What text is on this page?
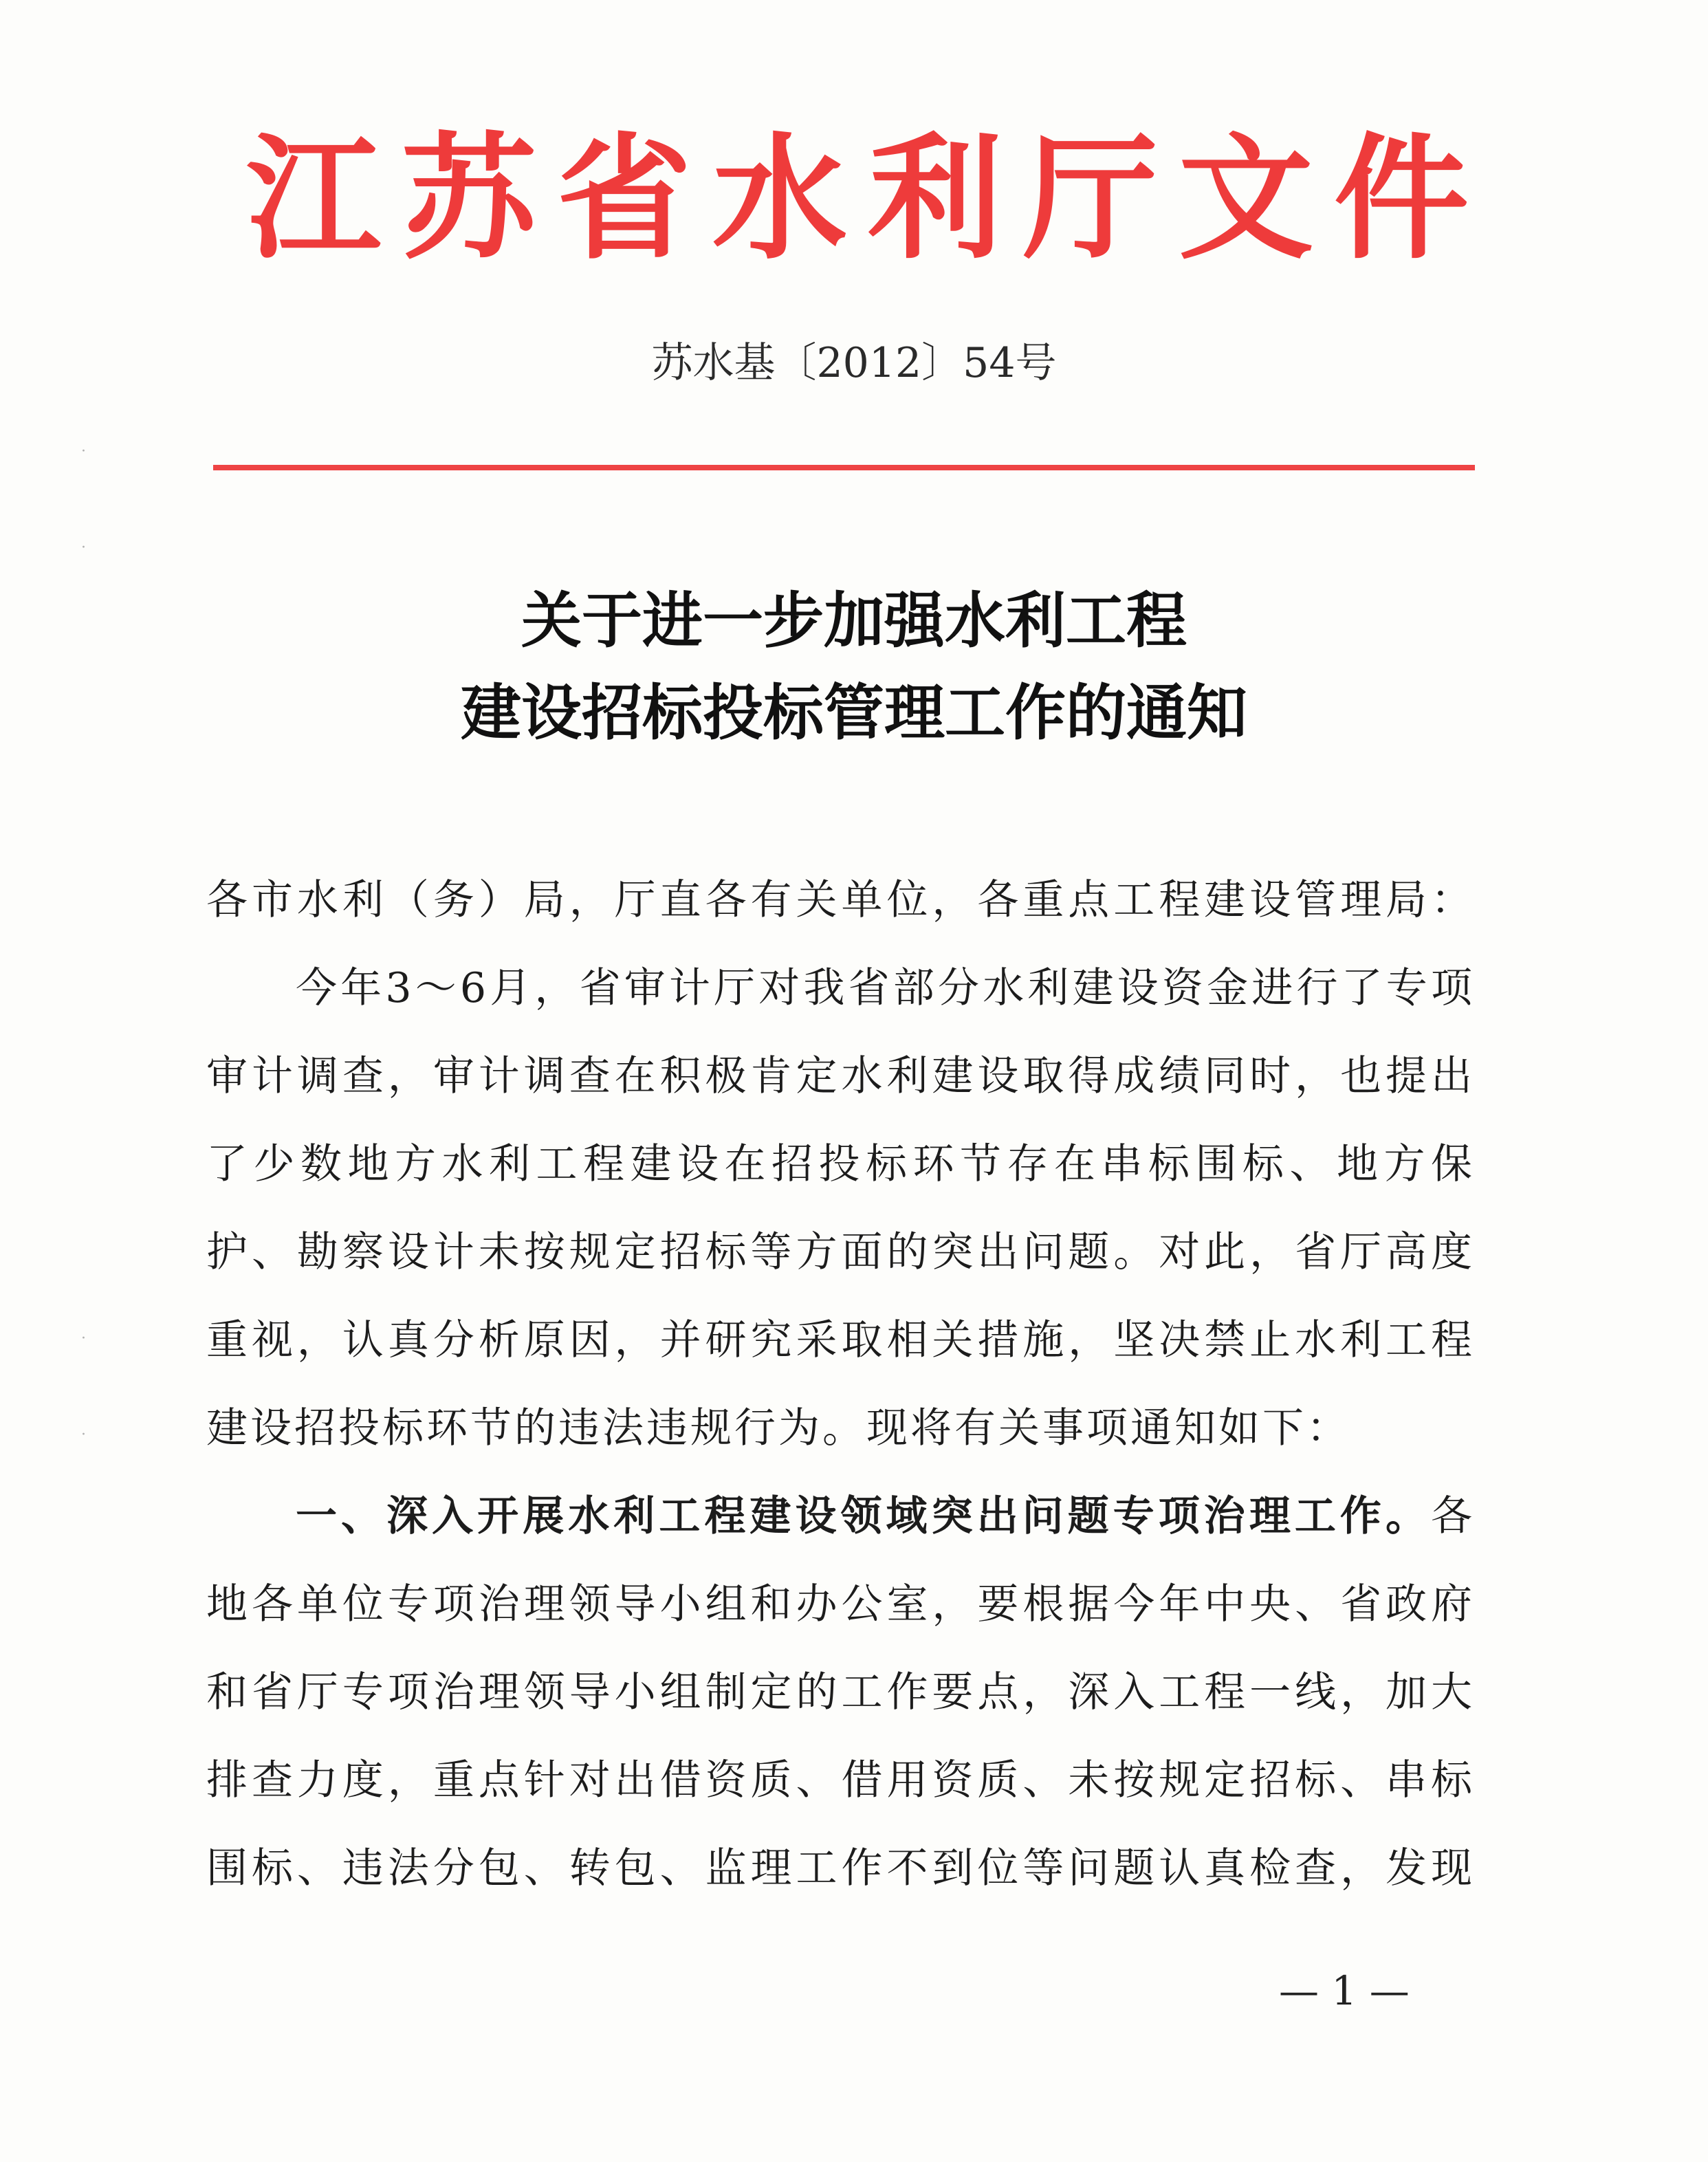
江苏省水利厅文件
苏水基〔2012〕54号
关于进一步加强水利工程
建设招标投标管理工作的通知
各市水利（务）局，厅直各有关单位，各重点工程建设管理局：
今年3～6月，省审计厅对我省部分水利建设资金进行了专项
审计调查，审计调查在积极肯定水利建设取得成绩同时，也提出
了少数地方水利工程建设在招投标环节存在串标围标、地方保
护、勘察设计未按规定招标等方面的突出问题。对此，省厅高度
重视，认真分析原因，并研究采取相关措施，坚决禁止水利工程
建设招投标环节的违法违规行为。现将有关事项通知如下：
一、深入开展水利工程建设领域突出问题专项治理工作。各
地各单位专项治理领导小组和办公室，要根据今年中央、省政府
和省厅专项治理领导小组制定的工作要点，深入工程一线，加大
排查力度，重点针对出借资质、借用资质、未按规定招标、串标
围标、违法分包、转包、监理工作不到位等问题认真检查，发现
— 1 —
·
·
·
·
